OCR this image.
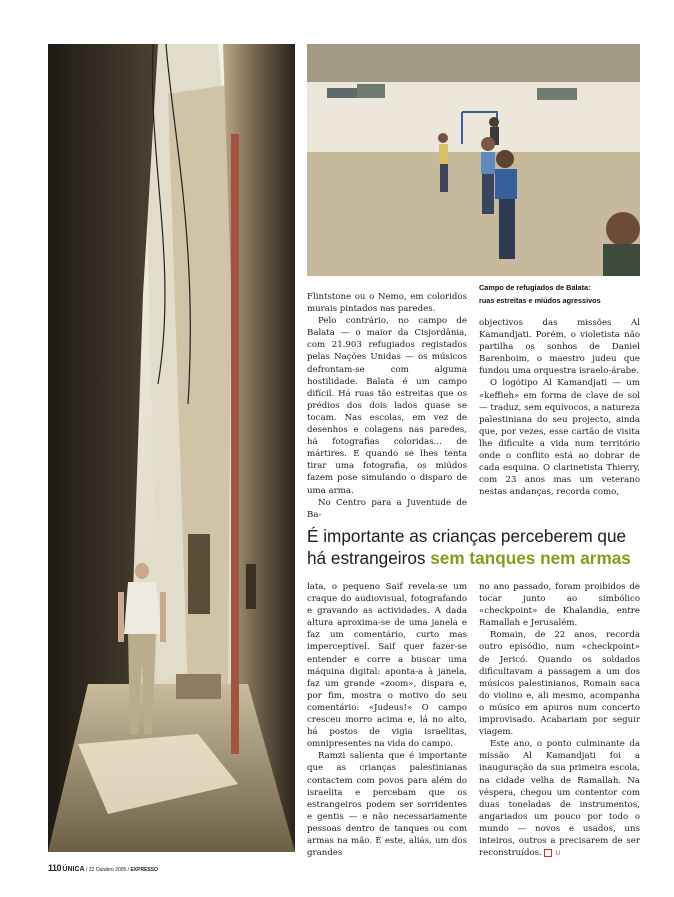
Campo de refugiados de Balata:
ruas estreitas e miúdos agressivos

Flintstone ou o Nemo, em coloridos murais pintados nas paredes.

Pelo contrário, no campo de Balata — o maior da Cisjordânia, com 21.903 refugiados registados pelas Nações Unidas — os músicos defrontam-se com alguma hostilidade. Balata é um campo difícil. Há ruas tão estreitas que os prédios dos dois lados quase se tocam. Nas escolas, em vez de desenhos e colagens nas paredes, há fotografias coloridas... de mártires. E quando se lhes tenta tirar uma fotografia, os miúdos fazem pose simulando o disparo de uma arma.

No Centro para a Juventude de Ba-

objectivos das missões Al Kamandjati. Porém, o violetista não partilha os sonhos de Daniel Barenboim, o maestro judeu que fundou uma orquestra israelo-árabe.

O logótipo Al Kamandjati — um «keffieh» em forma de clave de sol — traduz, sem equívocos, a natureza palestiniana do seu projecto, ainda que, por vezes, esse cartão de visita lhe dificulte a vida num território onde o conflito está ao dobrar de cada esquina. O clarinetista Thierry, com 23 anos mas um veterano nestas andanças, recorda como,

É importante as crianças perceberem que há estrangeiros sem tanques nem armas

lata, o pequeno Saif revela-se um craque do audiovisual, fotografando e gravando as actividades. A dada altura aproxima-se de uma janela e faz um comentário, curto mas imperceptível. Saif quer fazer-se entender e corre a buscar uma máquina digital: aponta-a à janela, faz um grande «zoom», dispara e, por fim, mostra o motivo do seu comentário: «Judeus!» O campo cresceu morro acima e, lá no alto, há postos de vigia israelitas, omnipresentes na vida do campo.

Ramzi salienta que é importante que as crianças palestinianas contactem com povos para além do israelita e percebam que os estrangeiros podem ser sorridentes e gentis — e não necessariamente pessoas dentro de tanques ou com armas na mão. É este, aliás, um dos grandes

no ano passado, foram proibidos de tocar junto ao simbólico «checkpoint» de Khalandia, entre Ramallah e Jerusalém.

Romain, de 22 anos, recorda outro episódio, num «checkpoint» de Jericó. Quando os soldados dificultavam a passagem a um dos músicos palestinianos, Romain saca do violino e, ali mesmo, acompanha o músico em apuros num concerto improvisado. Acabariam por seguir viagem.

Este ano, o ponto culminante da missão Al Kamandjati foi a inauguração da sua primeira escola, na cidade velha de Ramallah. Na véspera, chegou um contentor com duas toneladas de instrumentos, angariados um pouco por todo o mundo — novos e usados, uns inteiros, outros a precisarem de ser reconstruídos. U

110 ÚNICA / 22 Outubro 2005 / EXPRESSO
